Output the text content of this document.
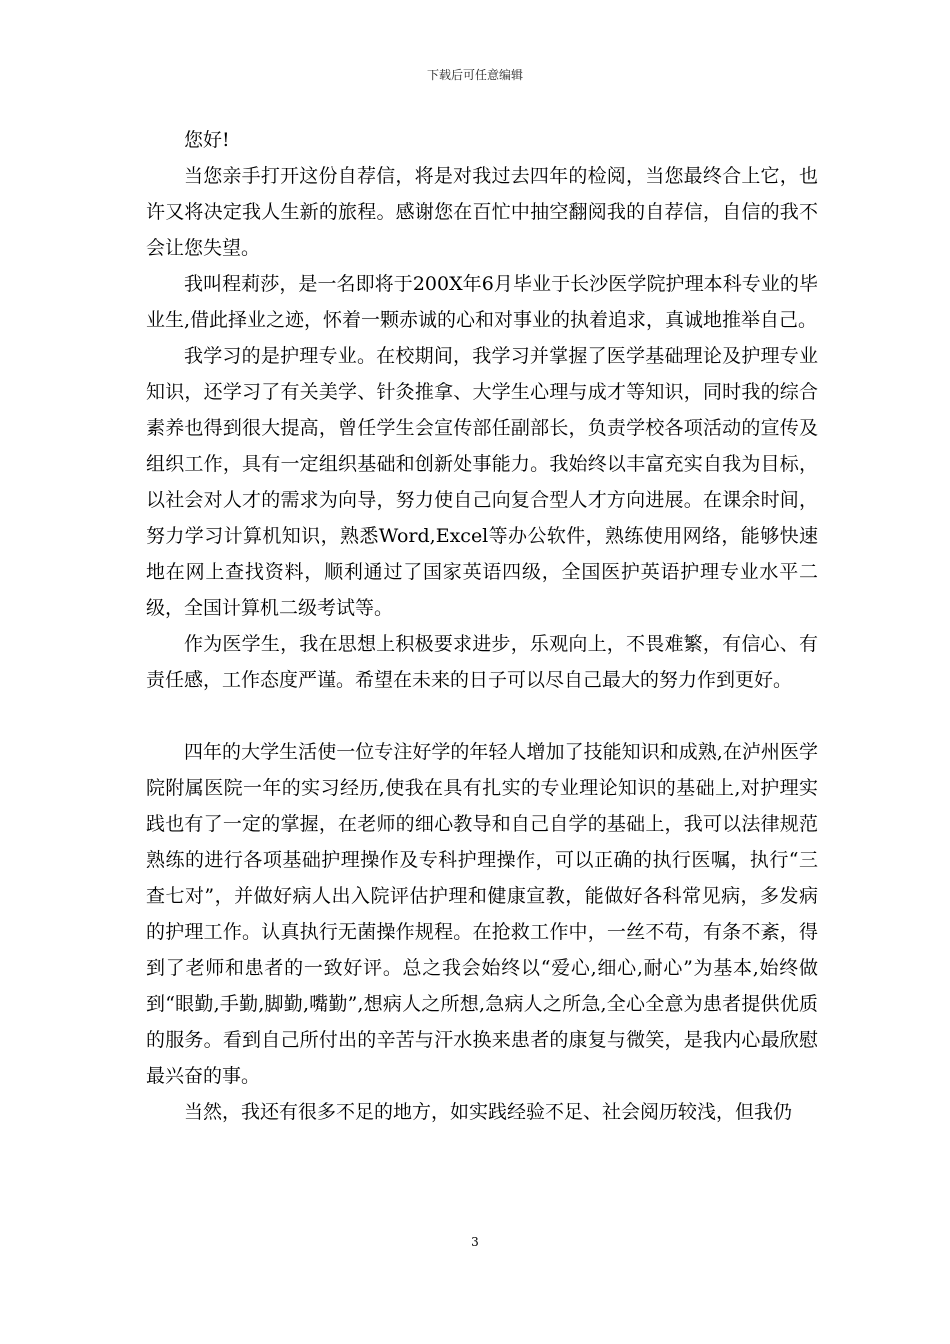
下载后可任意编辑

您好!

当您亲手打开这份自荐信，将是对我过去四年的检阅，当您最终合上它，也许又将决定我人生新的旅程。感谢您在百忙中抽空翻阅我的自荐信，自信的我不会让您失望。

我叫程莉莎，是一名即将于200X年6月毕业于长沙医学院护理本科专业的毕业生,借此择业之迹，怀着一颗赤诚的心和对事业的执着追求，真诚地推举自己。

我学习的是护理专业。在校期间，我学习并掌握了医学基础理论及护理专业知识，还学习了有关美学、针灸推拿、大学生心理与成才等知识，同时我的综合素养也得到很大提高，曾任学生会宣传部任副部长，负责学校各项活动的宣传及组织工作，具有一定组织基础和创新处事能力。我始终以丰富充实自我为目标，以社会对人才的需求为向导，努力使自己向复合型人才方向进展。在课余时间，努力学习计算机知识，熟悉Word,Excel等办公软件，熟练使用网络，能够快速地在网上查找资料，顺利通过了国家英语四级，全国医护英语护理专业水平二级，全国计算机二级考试等。

作为医学生，我在思想上积极要求进步，乐观向上，不畏难繁，有信心、有责任感，工作态度严谨。希望在未来的日子可以尽自己最大的努力作到更好。

四年的大学生活使一位专注好学的年轻人增加了技能知识和成熟,在泸州医学院附属医院一年的实习经历,使我在具有扎实的专业理论知识的基础上,对护理实践也有了一定的掌握，在老师的细心教导和自己自学的基础上，我可以法律规范熟练的进行各项基础护理操作及专科护理操作，可以正确的执行医嘱，执行“三查七对”，并做好病人出入院评估护理和健康宣教，能做好各科常见病，多发病的护理工作。认真执行无菌操作规程。在抢救工作中，一丝不苟，有条不紊，得到了老师和患者的一致好评。总之我会始终以“爱心,细心,耐心”为基本,始终做到“眼勤,手勤,脚勤,嘴勤”,想病人之所想,急病人之所急,全心全意为患者提供优质的服务。看到自己所付出的辛苦与汗水换来患者的康复与微笑，是我内心最欣慰最兴奋的事。

当然，我还有很多不足的地方，如实践经验不足、社会阅历较浅，但我仍

3
